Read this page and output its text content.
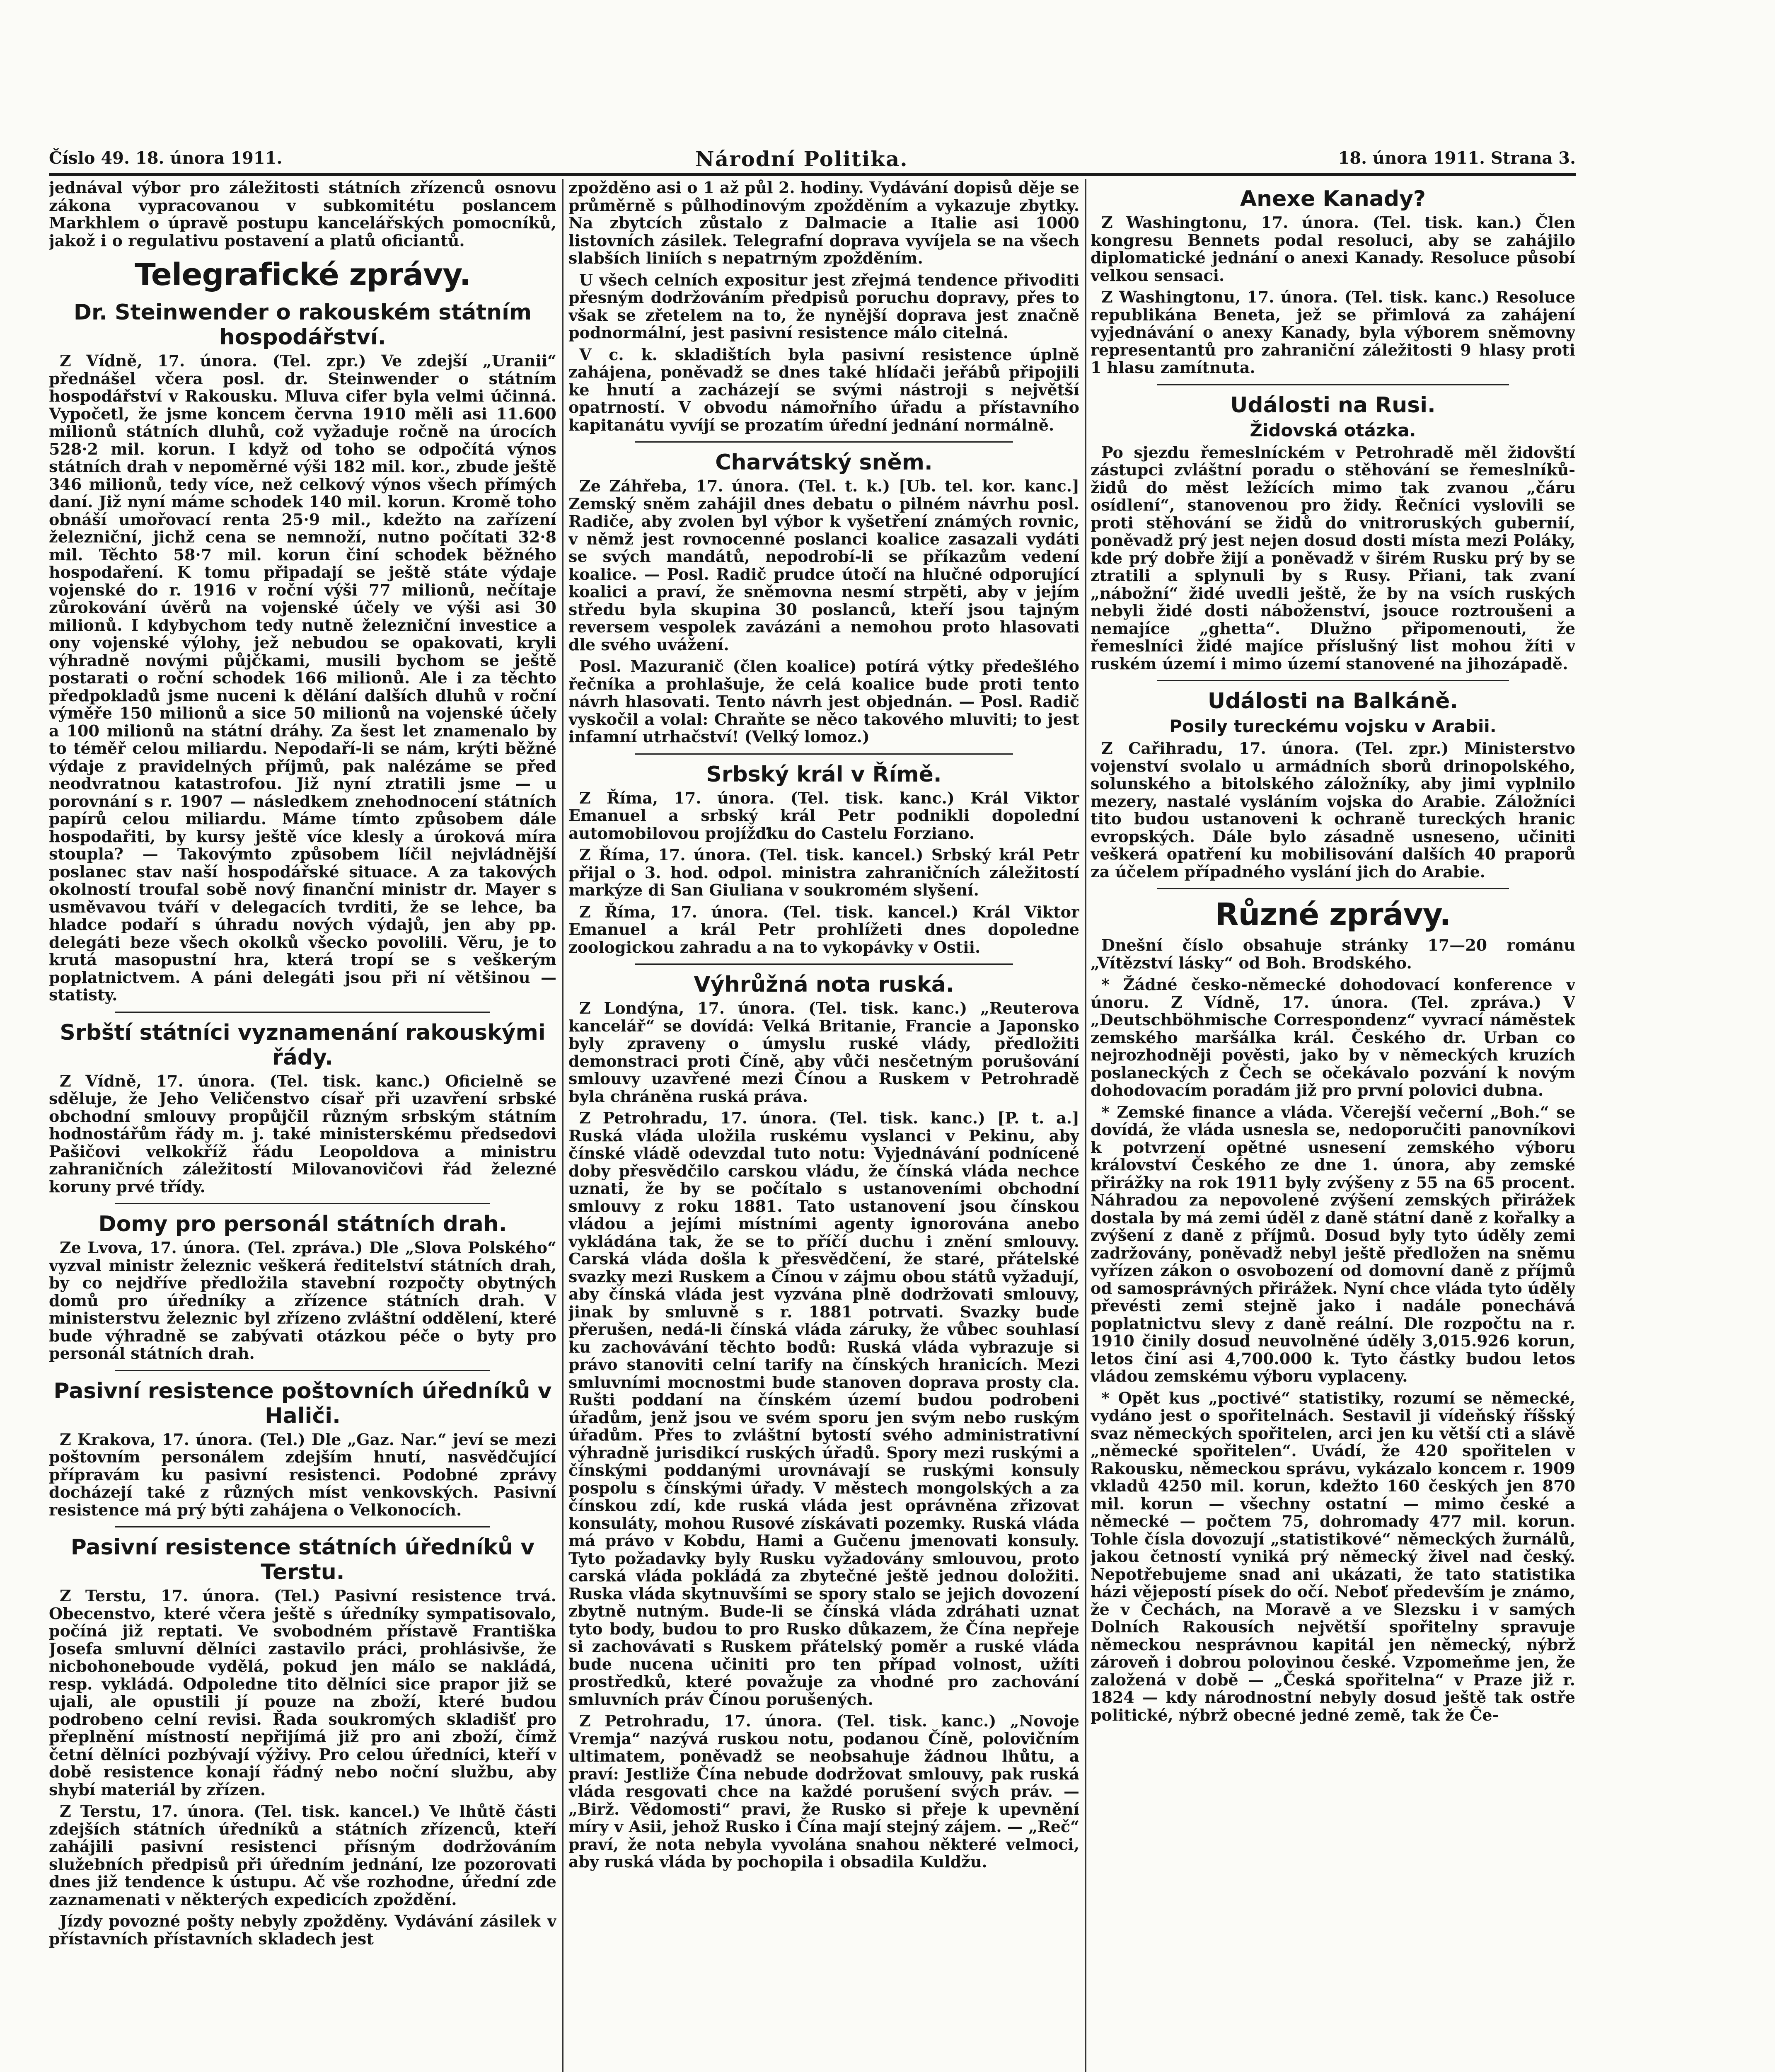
Číslo 49. 18. února 1911.	Národní Politika.	18. února 1911. Strana 3.

jednával výbor pro záležitosti státních zřízenců osnovu zákona vypracovanou v subkomitétu poslancem Markhlem o úpravě postupu kancelářských pomocníků, jakož i o regulativu postavení a platů oficiantů.

Telegrafické zprávy.
Dr. Steinwender o rakouském státním hospodářství.

Z Vídně, 17. února. (Tel. zpr.) Ve zdejší „Uranii“ přednášel včera posl. dr. Steinwender o státním hospodářství v Rakousku. Mluva cifer byla velmi účinná. Vypočetl, že jsme koncem června 1910 měli asi 11.600 milionů státních dluhů, což vyžaduje ročně na úrocích 528·2 mil. korun. I když od toho se odpočítá výnos státních drah v nepoměrné výši 182 mil. kor., zbude ještě 346 milionů, tedy více, než celkový výnos všech přímých daní. Již nyní máme schodek 140 mil. korun. Kromě toho obnáší umořovací renta 25·9 mil., kdežto na zařízení železniční, jichž cena se nemnoží, nutno počítati 32·8 mil. Těchto 58·7 mil. korun činí schodek běžného hospodaření. K tomu připadají se ještě státe výdaje vojenské do r. 1916 v roční výši 77 milionů, nečítaje zůrokování úvěrů na vojenské účely ve výši asi 30 milionů. I kdybychom tedy nutně železniční investice a ony vojenské výlohy, jež nebudou se opakovati, kryli výhradně novými půjčkami, musili bychom se ještě postarati o roční schodek 166 milionů. Ale i za těchto předpokladů jsme nuceni k dělání dalších dluhů v roční výměře 150 milionů a sice 50 milionů na vojenské účely a 100 milionů na státní dráhy. Za šest let znamenalo by to téměř celou miliardu. Nepodaří-li se nám, krýti běžné výdaje z pravidelných příjmů, pak nalézáme se před neodvratnou katastrofou. Již nyní ztratili jsme — u porovnání s r. 1907 — následkem znehodnocení státních papírů celou miliardu. Máme tímto způsobem dále hospodařiti, by kursy ještě více klesly a úroková míra stoupla? — Takovýmto způsobem líčil nejvládnější poslanec stav naší hospodářské situace. A za takových okolností troufal sobě nový finanční ministr dr. Mayer s usměvavou tváří v delegacích tvrditi, že se lehce, ba hladce podaří s úhradu nových výdajů, jen aby pp. delegáti beze všech okolků všecko povolili. Věru, je to krutá masopustní hra, která tropí se s veškerým poplatnictvem. A páni delegáti jsou při ní většinou — statisty.

Srbští státníci vyznamenání rakouskými řády.

Z Vídně, 17. února. (Tel. tisk. kanc.) Oficielně se sděluje, že Jeho Veličenstvo císař při uzavření srbské obchodní smlouvy propůjčil různým srbským státním hodnostářům řády m. j. také ministerskému předsedovi Pašičovi velkokříž řádu Leopoldova a ministru zahraničních záležitostí Milovanovičovi řád železné koruny prvé třídy.

Domy pro personál státních drah.

Ze Lvova, 17. února. (Tel. zpráva.) Dle „Slova Polského“ vyzval ministr železnic veškerá ředitelství státních drah, by co nejdříve předložila stavební rozpočty obytných domů pro úředníky a zřízence státních drah. V ministerstvu železnic byl zřízeno zvláštní oddělení, které bude výhradně se zabývati otázkou péče o byty pro personál státních drah.

Pasivní resistence poštovních úředníků v Haliči.

Z Krakova, 17. února. (Tel.) Dle „Gaz. Nar.“ jeví se mezi poštovním personálem zdejším hnutí, nasvědčující přípravám ku pasivní resistenci. Podobné zprávy docházejí také z různých míst venkovských. Pasivní resistence má prý býti zahájena o Velkonocích.

Pasivní resistence státních úředníků v Terstu.

Z Terstu, 17. února. (Tel.) Pasivní resistence trvá. Obecenstvo, které včera ještě s úředníky sympatisovalo, počíná již reptati. Ve svobodném přístavě Františka Josefa smluvní dělníci zastavilo práci, prohlásivše, že nicbohoneboude vydělá, pokud jen málo se nakládá, resp. vykládá. Odpoledne tito dělníci sice prapor již se ujali, ale opustili jí pouze na zboží, které budou podrobeno celní revisi. Řada soukromých skladišť pro přeplnění místností nepřijímá již pro ani zboží, čímž četní dělníci pozbývají výživy. Pro celou úředníci, kteří v době resistence konají řádný nebo noční službu, aby shybí materiál by zřízen.

Z Terstu, 17. února. (Tel. tisk. kancel.) Ve lhůtě části zdejších státních úředníků a státních zřízenců, kteří zahájili pasivní resistenci přísným dodržováním služebních předpisů při úředním jednání, lze pozorovati dnes již tendence k ústupu. Ač vše rozhodne, úřední zde zaznamenati v některých expedicích zpoždění.

Jízdy povozné pošty nebyly zpožděny. Vydávání zásilek v přístavních přístavních skladech jest

zpožděno asi o 1 až půl 2. hodiny. Vydávání dopisů děje se průměrně s půlhodinovým zpožděním a vykazuje zbytky. Na zbytcích zůstalo z Dalmacie a Italie asi 1000 listovních zásilek. Telegrafní doprava vyvíjela se na všech slabších liniích s nepatrným zpožděním.

U všech celních expositur jest zřejmá tendence přivoditi přesným dodržováním předpisů poruchu dopravy, přes to však se zřetelem na to, že nynější doprava jest značně podnormální, jest pasivní resistence málo citelná.

V c. k. skladištích byla pasivní resistence úplně zahájena, poněvadž se dnes také hlídači jeřábů připojili ke hnutí a zacházejí se svými nástroji s největší opatrností. V obvodu námořního úřadu a přístavního kapitanátu vyvíjí se prozatím úřední jednání normálně.

Charvátský sněm.

Ze Záhřeba, 17. února. (Tel. t. k.) [Ub. tel. kor. kanc.] Zemský sněm zahájil dnes debatu o pilném návrhu posl. Radiče, aby zvolen byl výbor k vyšetření známých rovnic, v němž jest rovnocenné poslanci koalice zasazali vydáti se svých mandátů, nepodrobí-li se příkazům vedení koalice. — Posl. Radič prudce útočí na hlučné odporující koalici a praví, že sněmovna nesmí strpěti, aby v jejím středu byla skupina 30 poslanců, kteří jsou tajným reversem vespolek zavázáni a nemohou proto hlasovati dle svého uvážení.

Posl. Mazuranič (člen koalice) potírá výtky předešlého řečníka a prohlašuje, že celá koalice bude proti tento návrh hlasovati. Tento návrh jest objednán. — Posl. Radič vyskočil a volal: Chraňte se něco takového mluviti; to jest infamní utrhačství! (Velký lomoz.)

Srbský král v Římě.

Z Říma, 17. února. (Tel. tisk. kanc.) Král Viktor Emanuel a srbský král Petr podnikli dopolední automobilovou projížďku do Castelu Forziano.

Z Říma, 17. února. (Tel. tisk. kancel.) Srbský král Petr přijal o 3. hod. odpol. ministra zahraničních záležitostí markýze di San Giuliana v soukromém slyšení.

Z Říma, 17. února. (Tel. tisk. kancel.) Král Viktor Emanuel a král Petr prohlížeti dnes dopoledne zoologickou zahradu a na to vykopávky v Ostii.

Výhrůžná nota ruská.

Z Londýna, 17. února. (Tel. tisk. kanc.) „Reuterova kancelář“ se dovídá: Velká Britanie, Francie a Japonsko byly zpraveny o úmyslu ruské vlády, předložiti demonstraci proti Číně, aby vůči nesčetným porušování smlouvy uzavřené mezi Čínou a Ruskem v Petrohradě byla chráněna ruská práva.

Z Petrohradu, 17. února. (Tel. tisk. kanc.) [P. t. a.] Ruská vláda uložila ruskému vyslanci v Pekinu, aby čínské vládě odevzdal tuto notu: Vyjednávání podnícené doby přesvědčilo carskou vládu, že čínská vláda nechce uznati, že by se počítalo s ustanoveními obchodní smlouvy z roku 1881. Tato ustanovení jsou čínskou vládou a jejími místními agenty ignorována anebo vykládána tak, že se to příčí duchu i znění smlouvy. Carská vláda došla k přesvědčení, že staré, přátelské svazky mezi Ruskem a Čínou v zájmu obou států vyžadují, aby čínská vláda jest vyzvána plně dodržovati smlouvy, jinak by smluvně s r. 1881 potrvati. Svazky bude přerušen, nedá-li čínská vláda záruky, že vůbec souhlasí ku zachovávání těchto bodů: Ruská vláda vybrazuje si právo stanoviti celní tarify na čínských hranicích. Mezi smluvními mocnostmi bude stanoven doprava prosty cla. Rušti poddaní na čínském území budou podrobeni úřadům, jenž jsou ve svém sporu jen svým nebo ruským úřadům. Přes to zvláštní bytostí svého administrativní výhradně jurisdikcí ruských úřadů. Spory mezi ruskými a čínskými poddanými urovnávají se ruskými konsuly pospolu s čínskými úřady. V městech mongolských a za čínskou zdí, kde ruská vláda jest oprávněna zřizovat konsuláty, mohou Rusové získávati pozemky. Ruská vláda má právo v Kobdu, Hami a Gučenu jmenovati konsuly. Tyto požadavky byly Rusku vyžadovány smlouvou, proto carská vláda pokládá za zbytečné ještě jednou doložiti. Ruska vláda skytnuvšími se spory stalo se jejich dovození zbytně nutným. Bude-li se čínská vláda zdráhati uznat tyto body, budou to pro Rusko důkazem, že Čína nepřeje si zachovávati s Ruskem přátelský poměr a ruské vláda bude nucena učiniti pro ten případ volnost, užíti prostředků, které považuje za vhodné pro zachování smluvních práv Čínou porušených.

Z Petrohradu, 17. února. (Tel. tisk. kanc.) „Novoje Vremja“ nazývá ruskou notu, podanou Číně, polovičním ultimatem, poněvadž se neobsahuje žádnou lhůtu, a praví: Jestliže Čína nebude dodržovat smlouvy, pak ruská vláda resgovati chce na každé porušení svých práv. — „Birž. Vědomosti“ pravi, že Rusko si přeje k upevnění míry v Asii, jehož Rusko i Čína mají stejný zájem. — „Reč“ praví, že nota nebyla vyvolána snahou některé velmoci, aby ruská vláda by pochopila i obsadila Kuldžu.

Anexe Kanady?

Z Washingtonu, 17. února. (Tel. tisk. kan.) Člen kongresu Bennets podal resoluci, aby se zahájilo diplomatické jednání o anexi Kanady. Resoluce působí velkou sensaci.

Z Washingtonu, 17. února. (Tel. tisk. kanc.) Resoluce republikána Beneta, jež se přimlová za zahájení vyjednávání o anexy Kanady, byla výborem sněmovny representantů pro zahraniční záležitosti 9 hlasy proti 1 hlasu zamítnuta.

Události na Rusi.
Židovská otázka.

Po sjezdu řemeslníckém v Petrohradě měl židovští zástupci zvláštní poradu o stěhování se řemeslníků-židů do měst ležících mimo tak zvanou „čáru osídlení“, stanovenou pro židy. Řečníci vyslovili se proti stěhování se židů do vnitroruských gubernií, poněvadž prý jest nejen dosud dosti místa mezi Poláky, kde prý dobře žijí a poněvadž v širém Rusku prý by se ztratili a splynuli by s Rusy. Přiani, tak zvaní „nábožní“ židé uvedli ještě, že by na vsích ruských nebyli židé dosti náboženství, jsouce roztroušeni a nemajíce „ghetta“. Dlužno připomenouti, že řemeslníci židé majíce příslušný list mohou žíti v ruském území i mimo území stanovené na jihozápadě.

Události na Balkáně.
Posily tureckému vojsku v Arabii.

Z Cařihradu, 17. února. (Tel. zpr.) Ministerstvo vojenství svolalo u armádních sborů drinopolského, solunského a bitolského záložníky, aby jimi vyplnilo mezery, nastalé vysláním vojska do Arabie. Záložníci tito budou ustanoveni k ochraně tureckých hranic evropských. Dále bylo zásadně usneseno, učiniti veškerá opatření ku mobilisování dalších 40 praporů za účelem případného vyslání jich do Arabie.

Různé zprávy.

Dnešní číslo obsahuje stránky 17—20 románu „Vítězství lásky“ od Boh. Brodského.

* Žádné česko-německé dohodovací konference v únoru. Z Vídně, 17. února. (Tel. zpráva.) V „Deutschböhmische Correspondenz“ vyvrací náměstek zemského maršálka král. Českého dr. Urban co nejrozhodněji pověsti, jako by v německých kruzích poslaneckých z Čech se očekávalo pozvání k novým dohodovacím poradám již pro první polovici dubna.

* Zemské finance a vláda. Včerejší večerní „Boh.“ se dovídá, že vláda usnesla se, nedoporučiti panovníkovi k potvrzení opětné usnesení zemského výboru království Českého ze dne 1. února, aby zemské přirážky na rok 1911 byly zvýšeny z 55 na 65 procent. Náhradou za nepovolené zvýšení zemských přirážek dostala by má zemi úděl z daně státní daně z kořalky a zvýšení z daně z příjmů. Dosud byly tyto úděly zemi zadržovány, poněvadž nebyl ještě předložen na sněmu vyřízen zákon o osvobození od domovní daně z příjmů od samosprávných přirážek. Nyní chce vláda tyto úděly převésti zemi stejně jako i nadále ponechává poplatnictvu slevy z daně reální. Dle rozpočtu na r. 1910 činily dosud neuvolněné úděly 3,015.926 korun, letos činí asi 4,700.000 k. Tyto částky budou letos vládou zemskému výboru vyplaceny.

* Opět kus „poctivé“ statistiky, rozumí se německé, vydáno jest o spořitelnách. Sestavil ji vídeňský říšský svaz německých spořitelen, arci jen ku větší cti a slávě „německé spořitelen“. Uvádí, že 420 spořitelen v Rakousku, německou správu, vykázalo koncem r. 1909 vkladů 4250 mil. korun, kdežto 160 českých jen 870 mil. korun — všechny ostatní — mimo české a německé — počtem 75, dohromady 477 mil. korun. Tohle čísla dovozují „statistikové“ německých žurnálů, jakou četností vyniká prý německý živel nad český. Nepotřebujeme snad ani ukázati, že tato statistika házi vějepostí písek do očí. Neboť především je známo, že v Čechách, na Moravě a ve Slezsku i v samých Dolních Rakousích největší spořitelny spravuje německou nesprávnou kapitál jen německý, nýbrž zároveň i dobrou polovinou české. Vzpomeňme jen, že založená v době — „Česká spořitelna“ v Praze již r. 1824 — kdy národnostní nebyly dosud ještě tak ostře politické, nýbrž obecné jedné země, tak že Če-
